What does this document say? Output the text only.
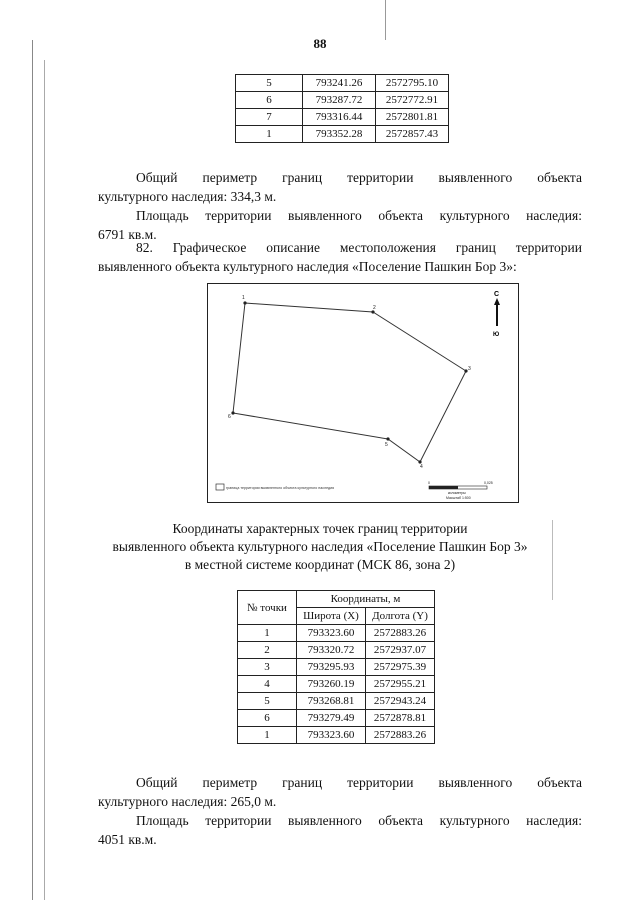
88
5	793241.26	2572795.10
6	793287.72	2572772.91
7	793316.44	2572801.81
1	793352.28	2572857.43
Общий периметр границ территории выявленного объекта
культурного наследия: 334,3 м.
Площадь территории выявленного объекта культурного наследия:
6791 кв.м.
82. Графическое описание местоположения границ территории
выявленного объекта культурного наследия «Поселение Пашкин Бор 3»:
1
2
3
4
5
6
С
Ю
граница территории выявленного объекта культурного наследия
0	0,025
километры
Масштаб 1:500
Координаты характерных точек границ территории
выявленного объекта культурного наследия «Поселение Пашкин Бор 3»
в местной системе координат (МСК 86, зона 2)
№ точки	Координаты, м	
	Широта (X)	Долгота (Y)
1	793323.60	2572883.26
2	793320.72	2572937.07
3	793295.93	2572975.39
4	793260.19	2572955.21
5	793268.81	2572943.24
6	793279.49	2572878.81
1	793323.60	2572883.26
Общий периметр границ территории выявленного объекта
культурного наследия: 265,0 м.
Площадь территории выявленного объекта культурного наследия:
4051 кв.м.
